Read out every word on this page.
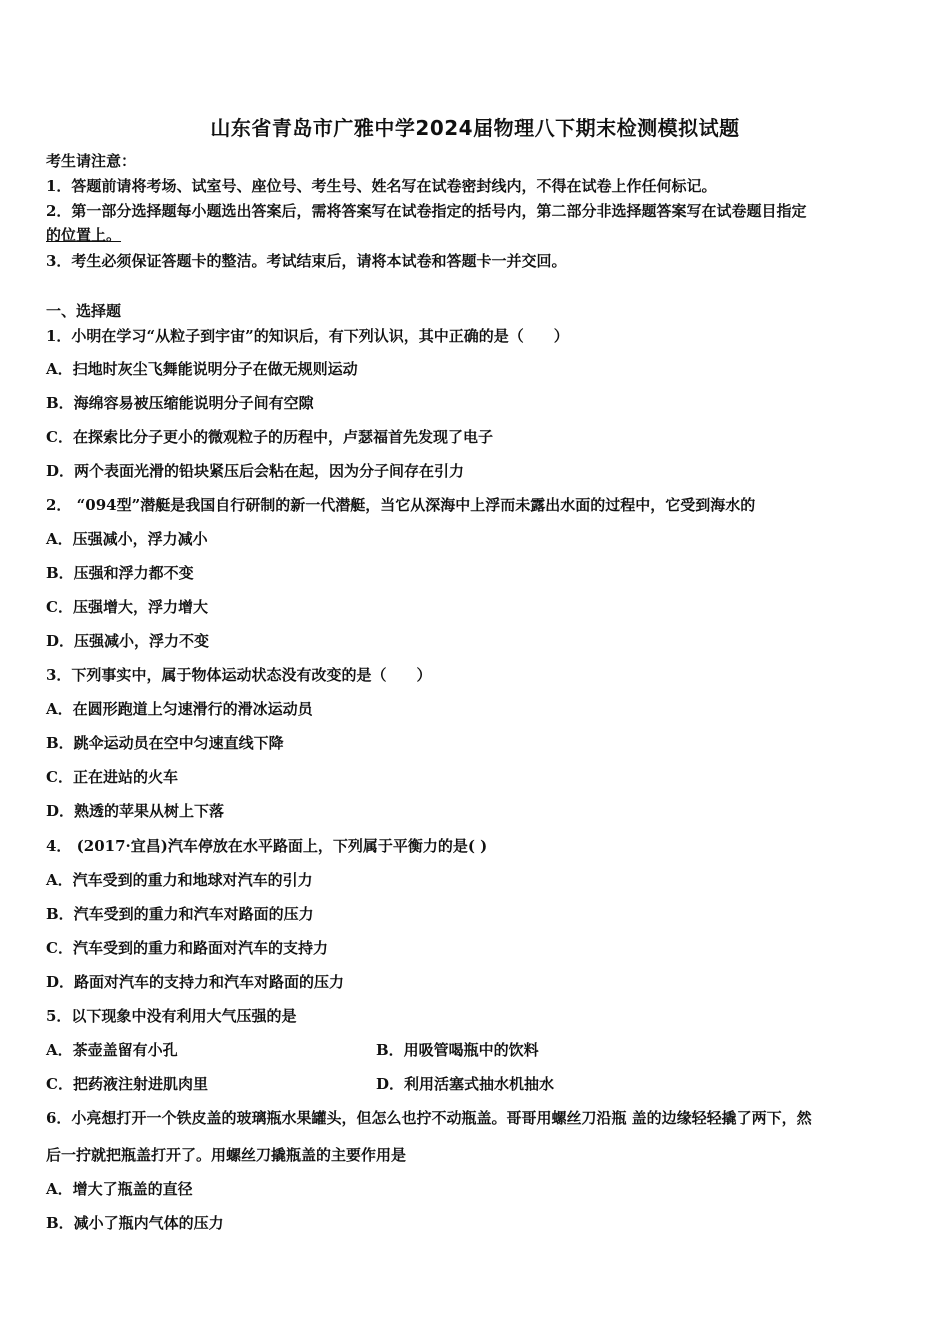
山东省青岛市广雅中学2024届物理八下期末检测模拟试题
考生请注意：
1．答题前请将考场、试室号、座位号、考生号、姓名写在试卷密封线内，不得在试卷上作任何标记。
2．第一部分选择题每小题选出答案后，需将答案写在试卷指定的括号内，第二部分非选择题答案写在试卷题目指定
的位置上。
3．考生必须保证答题卡的整洁。考试结束后，请将本试卷和答题卡一并交回。
一、选择题
1．小明在学习“从粒子到宇宙”的知识后，有下列认识，其中正确的是（　　）
A．扫地时灰尘飞舞能说明分子在做无规则运动
B．海绵容易被压缩能说明分子间有空隙
C．在探索比分子更小的微观粒子的历程中，卢瑟福首先发现了电子
D．两个表面光滑的铅块紧压后会粘在起，因为分子间存在引力
2． “094型”潜艇是我国自行研制的新一代潜艇，当它从深海中上浮而未露出水面的过程中，它受到海水的
A．压强减小，浮力减小
B．压强和浮力都不变
C．压强增大，浮力增大
D．压强减小，浮力不变
3．下列事实中，属于物体运动状态没有改变的是（　　）
A．在圆形跑道上匀速滑行的滑冰运动员
B．跳伞运动员在空中匀速直线下降
C．正在进站的火车
D．熟透的苹果从树上下落
4． (2017·宜昌)汽车停放在水平路面上，下列属于平衡力的是( )
A．汽车受到的重力和地球对汽车的引力
B．汽车受到的重力和汽车对路面的压力
C．汽车受到的重力和路面对汽车的支持力
D．路面对汽车的支持力和汽车对路面的压力
5．以下现象中没有利用大气压强的是
A．茶壶盖留有小孔	B．用吸管喝瓶中的饮料
C．把药液注射进肌肉里	D．利用活塞式抽水机抽水
6．小亮想打开一个铁皮盖的玻璃瓶水果罐头，但怎么也拧不动瓶盖。哥哥用螺丝刀沿瓶 盖的边缘轻轻撬了两下，然
后一拧就把瓶盖打开了。用螺丝刀撬瓶盖的主要作用是
A．增大了瓶盖的直径
B．减小了瓶内气体的压力
